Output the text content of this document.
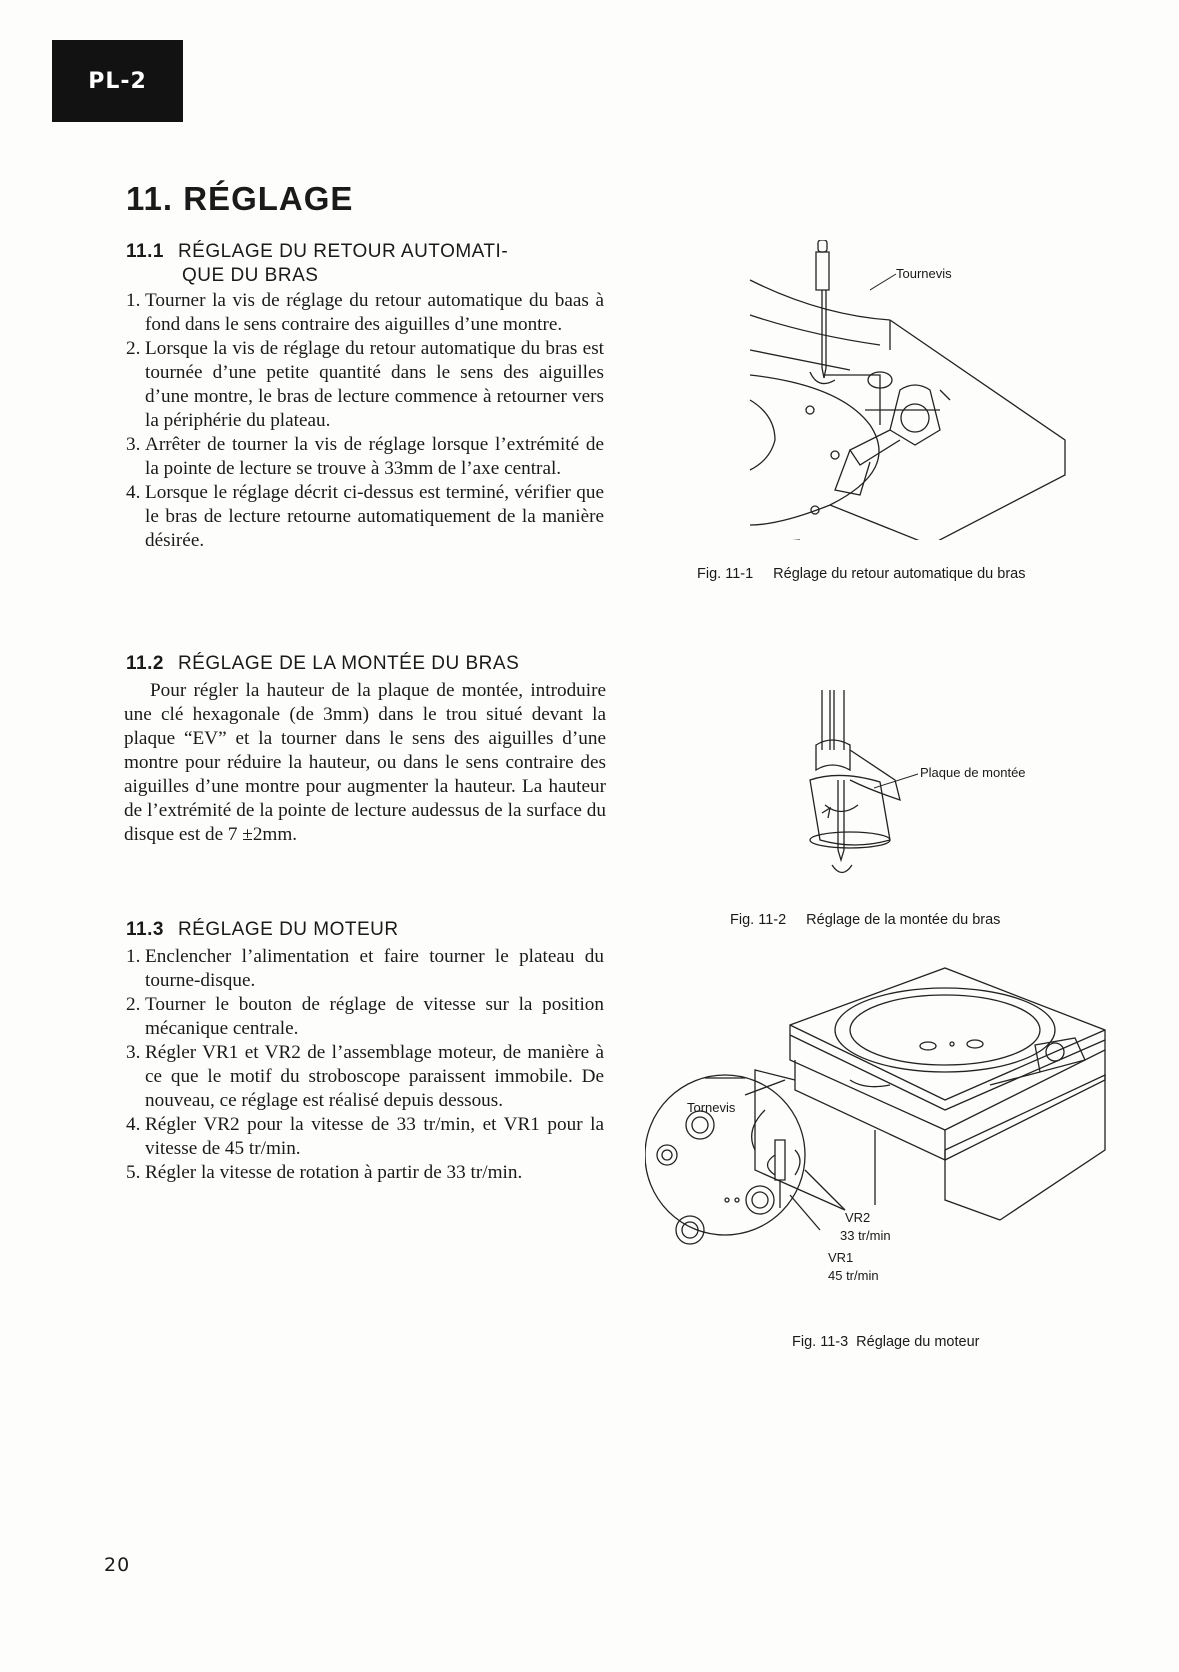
PL-2
11. RÉGLAGE
11.1 RÉGLAGE DU RETOUR AUTOMATI-
QUE DU BRAS
1. Tourner la vis de réglage du retour automatique du baas à fond dans le sens contraire des aiguilles d’une montre.
2. Lorsque la vis de réglage du retour automatique du bras est tournée d’une petite quantité dans le sens des aiguilles d’une montre, le bras de lecture commence à retourner vers la périphérie du plateau.
3. Arrêter de tourner la vis de réglage lorsque l’extrémité de la pointe de lecture se trouve à 33mm de l’axe central.
4. Lorsque le réglage décrit ci-dessus est terminé, vérifier que le bras de lecture retourne automatiquement de la manière désirée.
11.2 RÉGLAGE DE LA MONTÉE DU BRAS

Pour régler la hauteur de la plaque de montée, introduire une clé hexagonale (de 3mm) dans le trou situé devant la plaque “EV” et la tourner dans le sens des aiguilles d’une montre pour réduire la hauteur, ou dans le sens contraire des aiguilles d’une montre pour augmenter la hauteur. La hauteur de l’extrémité de la pointe de lecture audessus de la surface du disque est de 7 ±2mm.

11.3 RÉGLAGE DU MOTEUR
1. Enclencher l’alimentation et faire tourner le plateau du tourne-disque.
2. Tourner le bouton de réglage de vitesse sur la position mécanique centrale.
3. Régler VR1 et VR2 de l’assemblage moteur, de manière à ce que le motif du stroboscope paraissent immobile. De nouveau, ce réglage est réalisé depuis dessous.
4. Régler VR2 pour la vitesse de 33 tr/min, et VR1 pour la vitesse de 45 tr/min.
5. Régler la vitesse de rotation à partir de 33 tr/min.
Tournevis
Fig. 11-1 Réglage du retour automatique du bras
Plaque de montée
Fig. 11-2 Réglage de la montée du bras
Tornevis
VR2
33 tr/min
VR1
45 tr/min
Fig. 11-3 Réglage du moteur
20
